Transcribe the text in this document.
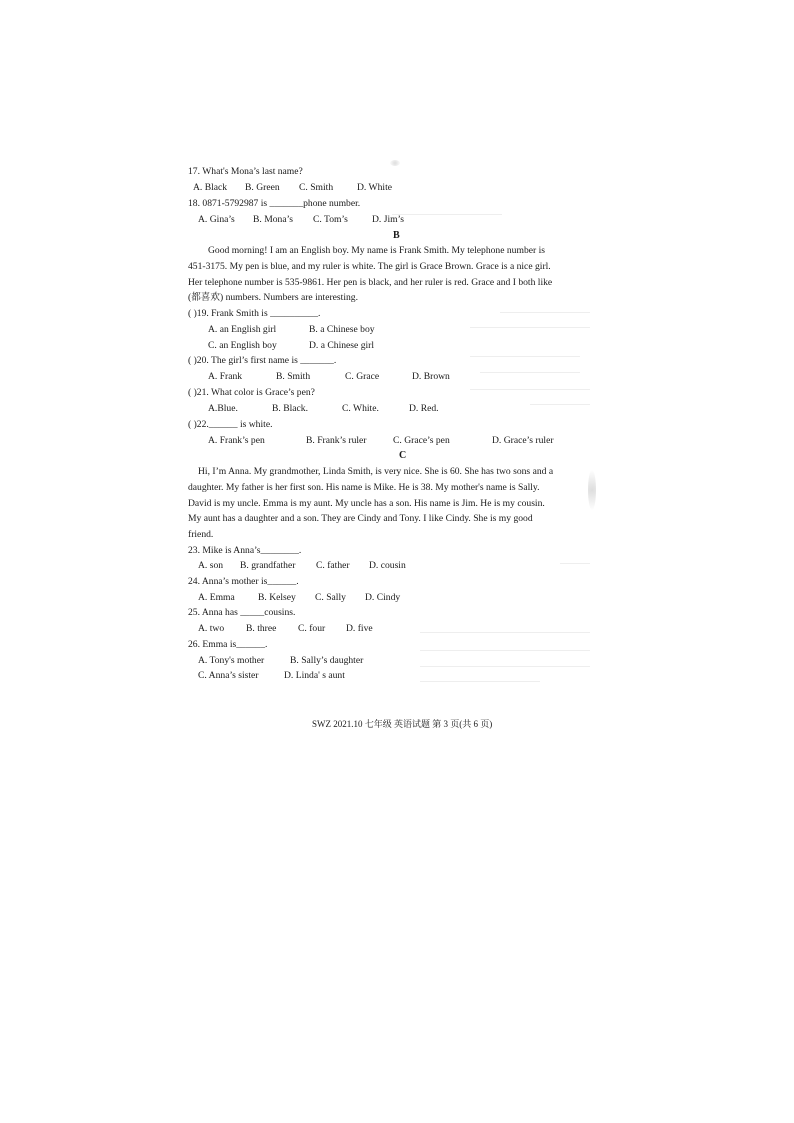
17. What's Mona’s last name?
A. Black B. Green C. Smith D. White
18. 0871-5792987 is _______phone number.
A. Gina’s B. Mona’s C. Tom’s	D. Jim’s
B
Good morning! I am an English boy. My name is Frank Smith. My telephone number is
451-3175. My pen is blue, and my ruler is white. The girl is Grace Brown. Grace is a nice girl.
Her telephone number is 535-9861. Her pen is black, and her ruler is red. Grace and I both like
(都喜欢) numbers. Numbers are interesting.
( )19. Frank Smith is __________.
A. an English girl	B. a Chinese boy
C. an English boy	D. a Chinese girl
( )20. The girl’s first name is _______.
A. Frank	B. Smith	C. Grace	D. Brown
( )21. What color is Grace’s pen?
A.Blue.	B. Black.	C. White.	D. Red.
( )22.______ is white.
A. Frank’s pen	B. Frank’s ruler	C. Grace’s pen	D. Grace’s ruler
C
Hi, I’m Anna. My grandmother, Linda Smith, is very nice. She is 60. She has two sons and a
daughter. My father is her first son. His name is Mike. He is 38. My mother's name is Sally.
David is my uncle. Emma is my aunt. My uncle has a son. His name is Jim. He is my cousin.
My aunt has a daughter and a son. They are Cindy and Tony. I like Cindy. She is my good
friend.
23. Mike is Anna’s________.
A. son B. grandfather C. father D. cousin
24. Anna’s mother is______.
A. Emma B. Kelsey C. Sally D. Cindy
25. Anna has _____cousins.
A. two B. three C. four D. five
26. Emma is______.
A. Tony's mother	B. Sally’s daughter
C. Anna’s sister	D. Linda' s aunt
SWZ 2021.10 七年级 英语试题 第 3 页(共 6 页)
